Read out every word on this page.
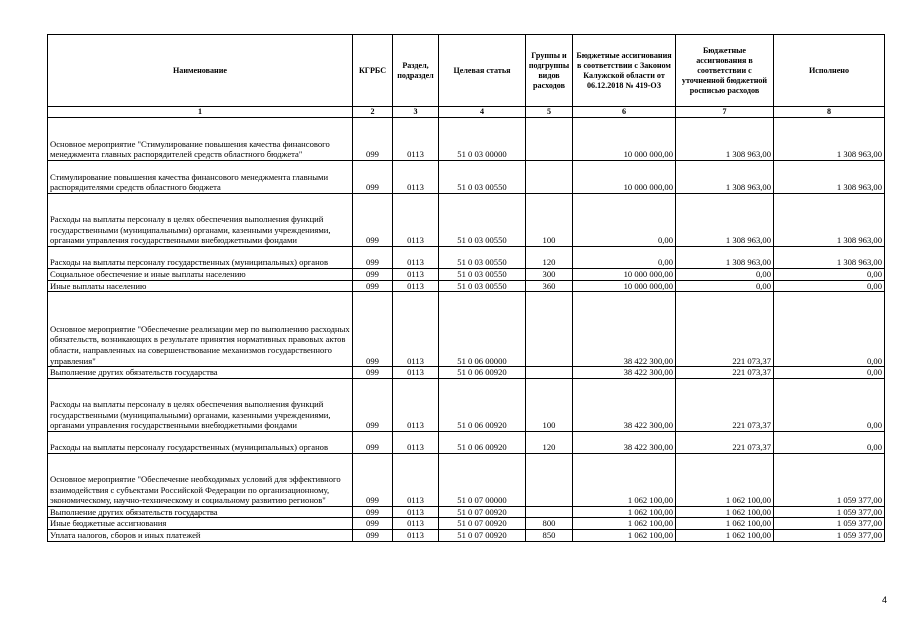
Наименование	КГРБС	Раздел, подраздел	Целевая статья	Группы и подгруппы видов расходов	Бюджетные ассигнования в соответствии с Законом Калужской области от 06.12.2018 № 419-ОЗ	Бюджетные ассигнования в соответствии с уточненной бюджетной росписью расходов	Исполнено
1	2	3	4	5	6	7	8
Основное мероприятие "Стимулирование повышения качества финансового менеджмента главных распорядителей средств областного бюджета"	099	0113	51 0 03 00000		10 000 000,00	1 308 963,00	1 308 963,00
Стимулирование повышения качества финансового менеджмента главными распорядителями средств областного бюджета	099	0113	51 0 03 00550		10 000 000,00	1 308 963,00	1 308 963,00
Расходы на выплаты персоналу в целях обеспечения выполнения функций государственными (муниципальными) органами, казенными учреждениями, органами управления государственными внебюджетными фондами	099	0113	51 0 03 00550	100	0,00	1 308 963,00	1 308 963,00
Расходы на выплаты персоналу государственных (муниципальных) органов	099	0113	51 0 03 00550	120	0,00	1 308 963,00	1 308 963,00
Социальное обеспечение и иные выплаты населению	099	0113	51 0 03 00550	300	10 000 000,00	0,00	0,00
Иные выплаты населению	099	0113	51 0 03 00550	360	10 000 000,00	0,00	0,00
Основное мероприятие "Обеспечение реализации мер по выполнению расходных обязательств, возникающих в результате принятия нормативных правовых актов области, направленных на совершенствование механизмов государственного управления"	099	0113	51 0 06 00000		38 422 300,00	221 073,37	0,00
Выполнение других обязательств государства	099	0113	51 0 06 00920		38 422 300,00	221 073,37	0,00
Расходы на выплаты персоналу в целях обеспечения выполнения функций государственными (муниципальными) органами, казенными учреждениями, органами управления государственными внебюджетными фондами	099	0113	51 0 06 00920	100	38 422 300,00	221 073,37	0,00
Расходы на выплаты персоналу государственных (муниципальных) органов	099	0113	51 0 06 00920	120	38 422 300,00	221 073,37	0,00
Основное мероприятие "Обеспечение необходимых условий для эффективного взаимодействия с субъектами Российской Федерации по организационному, экономическому, научно-техническому и социальному развитию регионов"	099	0113	51 0 07 00000		1 062 100,00	1 062 100,00	1 059 377,00
Выполнение других обязательств государства	099	0113	51 0 07 00920		1 062 100,00	1 062 100,00	1 059 377,00
Иные бюджетные ассигнования	099	0113	51 0 07 00920	800	1 062 100,00	1 062 100,00	1 059 377,00
Уплата налогов, сборов и иных платежей	099	0113	51 0 07 00920	850	1 062 100,00	1 062 100,00	1 059 377,00
4
